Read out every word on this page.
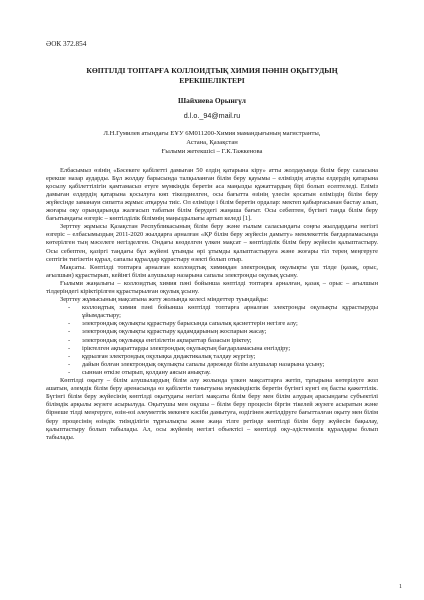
ӘОК 372.854
КӨПТІЛДІ ТОПТАРҒА КОЛЛОИДТЫҚ ХИМИЯ ПӘНІН ОҚЫТУДЫҢ ЕРЕКШЕЛІКТЕРІ
Шайхиева Орынгүл
d.l.o._94@mail.ru
Л.Н.Гумилев атындағы ЕҰУ 6М011200-Химия мамандығының магистранты,
Астана, Қазақстан
Ғылыми жетекшісі – Г.К.Тажкенова

Елбасымыз өзінің «Бәсекеге қабілетті дамыған 50 елдің қатарына кіру» атты жолдауында білім беру саласына ерекше назар аударды. Бұл жолдау барысында талқыланған білім беру қауымы – еліміздің атаулы елдердің қатарына қосылу қабілеттілігін қамтамасыз етуге мүмкіндік беретін аса маңызды құжаттардың бірі болып есептеледі. Еліміз дамыған елдердің қатарына қосылуға көп тікелдиелген, осы бағытта өзінің үлесін қосатын еліміздің білім беру жүйесінде заманауи сипатта жұмыс атқаруы тиіс. Ол елімізде і білім беретін ордалар: мектеп қабырғасынан бастау алып, жоғары оқу орындарында жалғасып табатын білім берудегі жаңаша бағыт. Осы себептен, бүгінгі таңда білім беру бағытындағы өзгеріс – көптілділік білімнің маңыздылығы артып келеді [1].

Зерттеу жұмысы Қазақстан Республикасының білім беру және ғылым саласындағы соңғы жылдардағы негізгі өзгеріс – елбасымыздың 2011-2020 жылдарға арналған «ҚР білім беру жүйесін дамыту» мемлекеттік бағдарламасында көтерілген тың мәселеге негізделген. Ондағы көзделген үлкен мақсат – көптілділік білім беру жүйесін қалыптастыру. Осы себептен, қазіргі таңдағы бұл жүйені ұтымды өрі ұтымды қалыптастыруға және жоғары тіл терең меңгеруге септігін тигізетін құрал, сапалы құралдар құрастыру өзекті болып отыр.

Мақсаты. Көптілді топтарға арналған коллоидтық химиядан электрондық оқулықты үш тілде (қазақ, орыс, ағылшын) құрастырып, кейінгі білім алушылар назарына сапалы электронды оқулық ұсыну.

Ғылыми жаңалығы – коллоидтық химия пәні бойынша көптілді топтарға арналған, қазақ – орыс – ағылшын тілдеріндегі кіріктірілген құрастырылған оқулық ұсыну.

Зерттеу жұмысының мақсатына жету жолында келесі міндеттер туындайды:

- коллоидтық химия пәні бойынша көптілді топтарға арналған электронды оқулықты құрастыруды ұйымдастыру;
- электрондық оқулықты құрастыру барысында сапалық қасиеттерін негізге алу;
- электрондық оқулықты құрастыру қадамдарының жоспарын жасау;
- электрондық оқулыққа енгізілетін ақпараттар базасын іріктеу;
- іріктелген ақпараттарды электрондық оқулықтың бағдарламасына енгіздіру;
- құрылған электрондық оқулықка дидактикалық талдау жүргізу;
- дайын болған электрондық оқулықты сапалы дәрежеде білім алушылар назарына ұсыну;
- сыннан өткізе отырып, қолдану аясын анықтау.

Көптілді оқыту – білім алушылардың білім алу жолында үлкен мақсаттарға жетіп, тұғырына көтерілуге жол ашатын, әлемдік білім беру аренасында өз қабілетін танытуына мүмкіндіктік беретін бүгінгі күнгі ең басты қажеттілік. Бүгінгі білім беру жүйесінің көптілді оқытудағы негізгі мақсаты білім беру мен білім алудың арасындағы субъектілі білімдік арқылы жүзеге асырылуда. Оқытушы мен оқушы – білім беру процесін біргін тікелей жүзеге асыратын және бірнеше тілді меңгеруге, өзін-өзі әлеуметтік мекенге кәсіби дамытуға, өздігінен жетілдіруге бағытталған оқыту мен білім беру процесінің өзіндік тиімділігін тұрғылықты және жаңа тілге ретінде көптілді білім беру жүйесін бақылау, қалыптастыру болып табылады. Ал, осы жүйенің негізгі объектісі – көптілді оқу-әдістемелік құралдары болып табылады.

1
